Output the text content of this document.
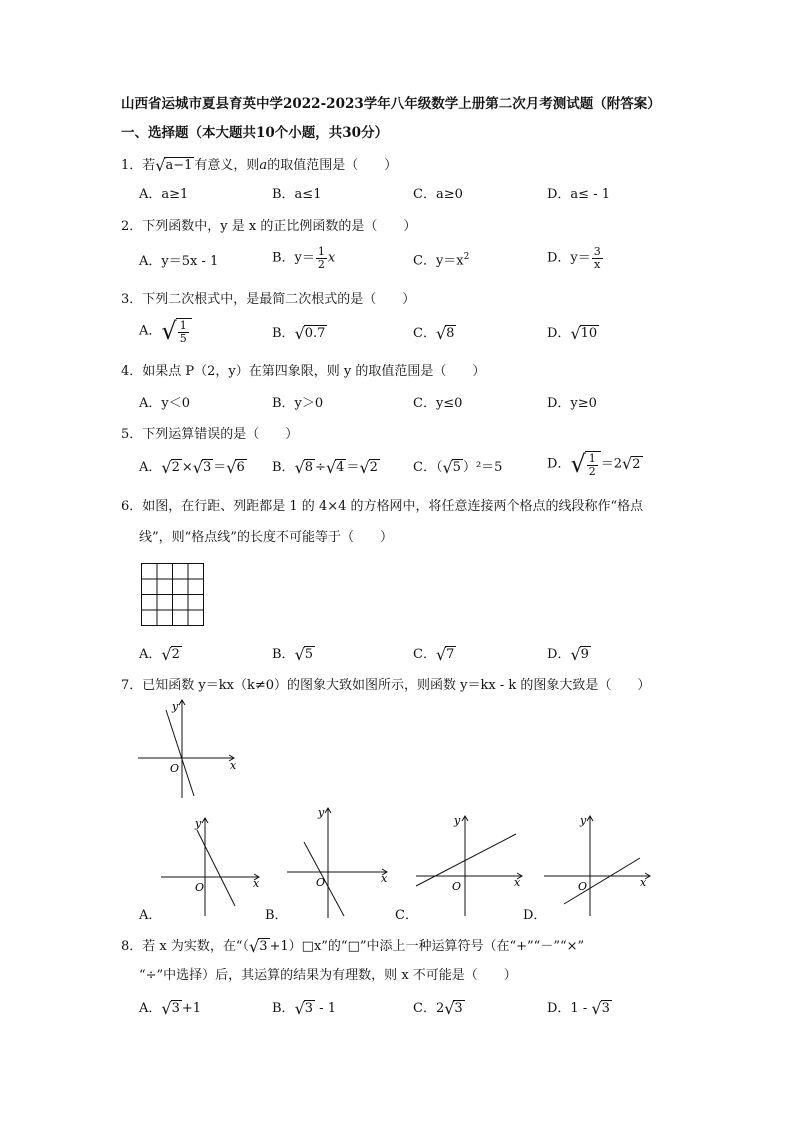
山西省运城市夏县育英中学2022-2023学年八年级数学上册第二次月考测试题（附答案）
一、选择题（本大题共10个小题，共30分）
1．若√a−1 有意义，则a的取值范围是（　　）
A．a≥1	B．a≤1	C．a≥0	D．a≤ - 1
2．下列函数中，y 是 x 的正比例函数的是（　　）
A．y＝5x - 1	B．$y= \frac{1}{2}$ x	C．$y=x^2$	D．$y= \frac{3}{x}$
3．下列二次根式中，是最简二次根式的是（　　）
A．√ $\frac{1}{5}$	B．√0.7	C．√8	D．√10
4．如果点 P（2，y）在第四象限，则 y 的取值范围是（　　）
A．y＜0	B．y＞0	C．y≤0	D．y≥0
5．下列运算错误的是（　　）
A．√2 ×√3 ＝√6 B．√8 ÷√4 ＝√2	C．（√5 ）²＝5	D．√ $\frac{1}{2} =2√2$
6．如图，在行距、列距都是 1 的 4×4 的方格网中，将任意连接两个格点的线段称作“格点
线”，则“格点线”的长度不可能等于（　　）
A．√2	B．√5	C．√7	D．√9
7．已知函数 y＝kx（k≠0）的图象大致如图所示，则函数 y＝kx - k 的图象大致是（　　）
y
x
O
y
x
O
A．
y
x
O
B．
y
x
O
C．
y
x
O
D．
8．若 x 为实数，在“（√3 +1）□x”的“□”中添上一种运算符号（在“+”“－”“×”
“÷”中选择）后，其运算的结果为有理数，则 x 不可能是（　　）
A．√3 +1	B．√3 - 1	C．2√3	D．1 - √3
